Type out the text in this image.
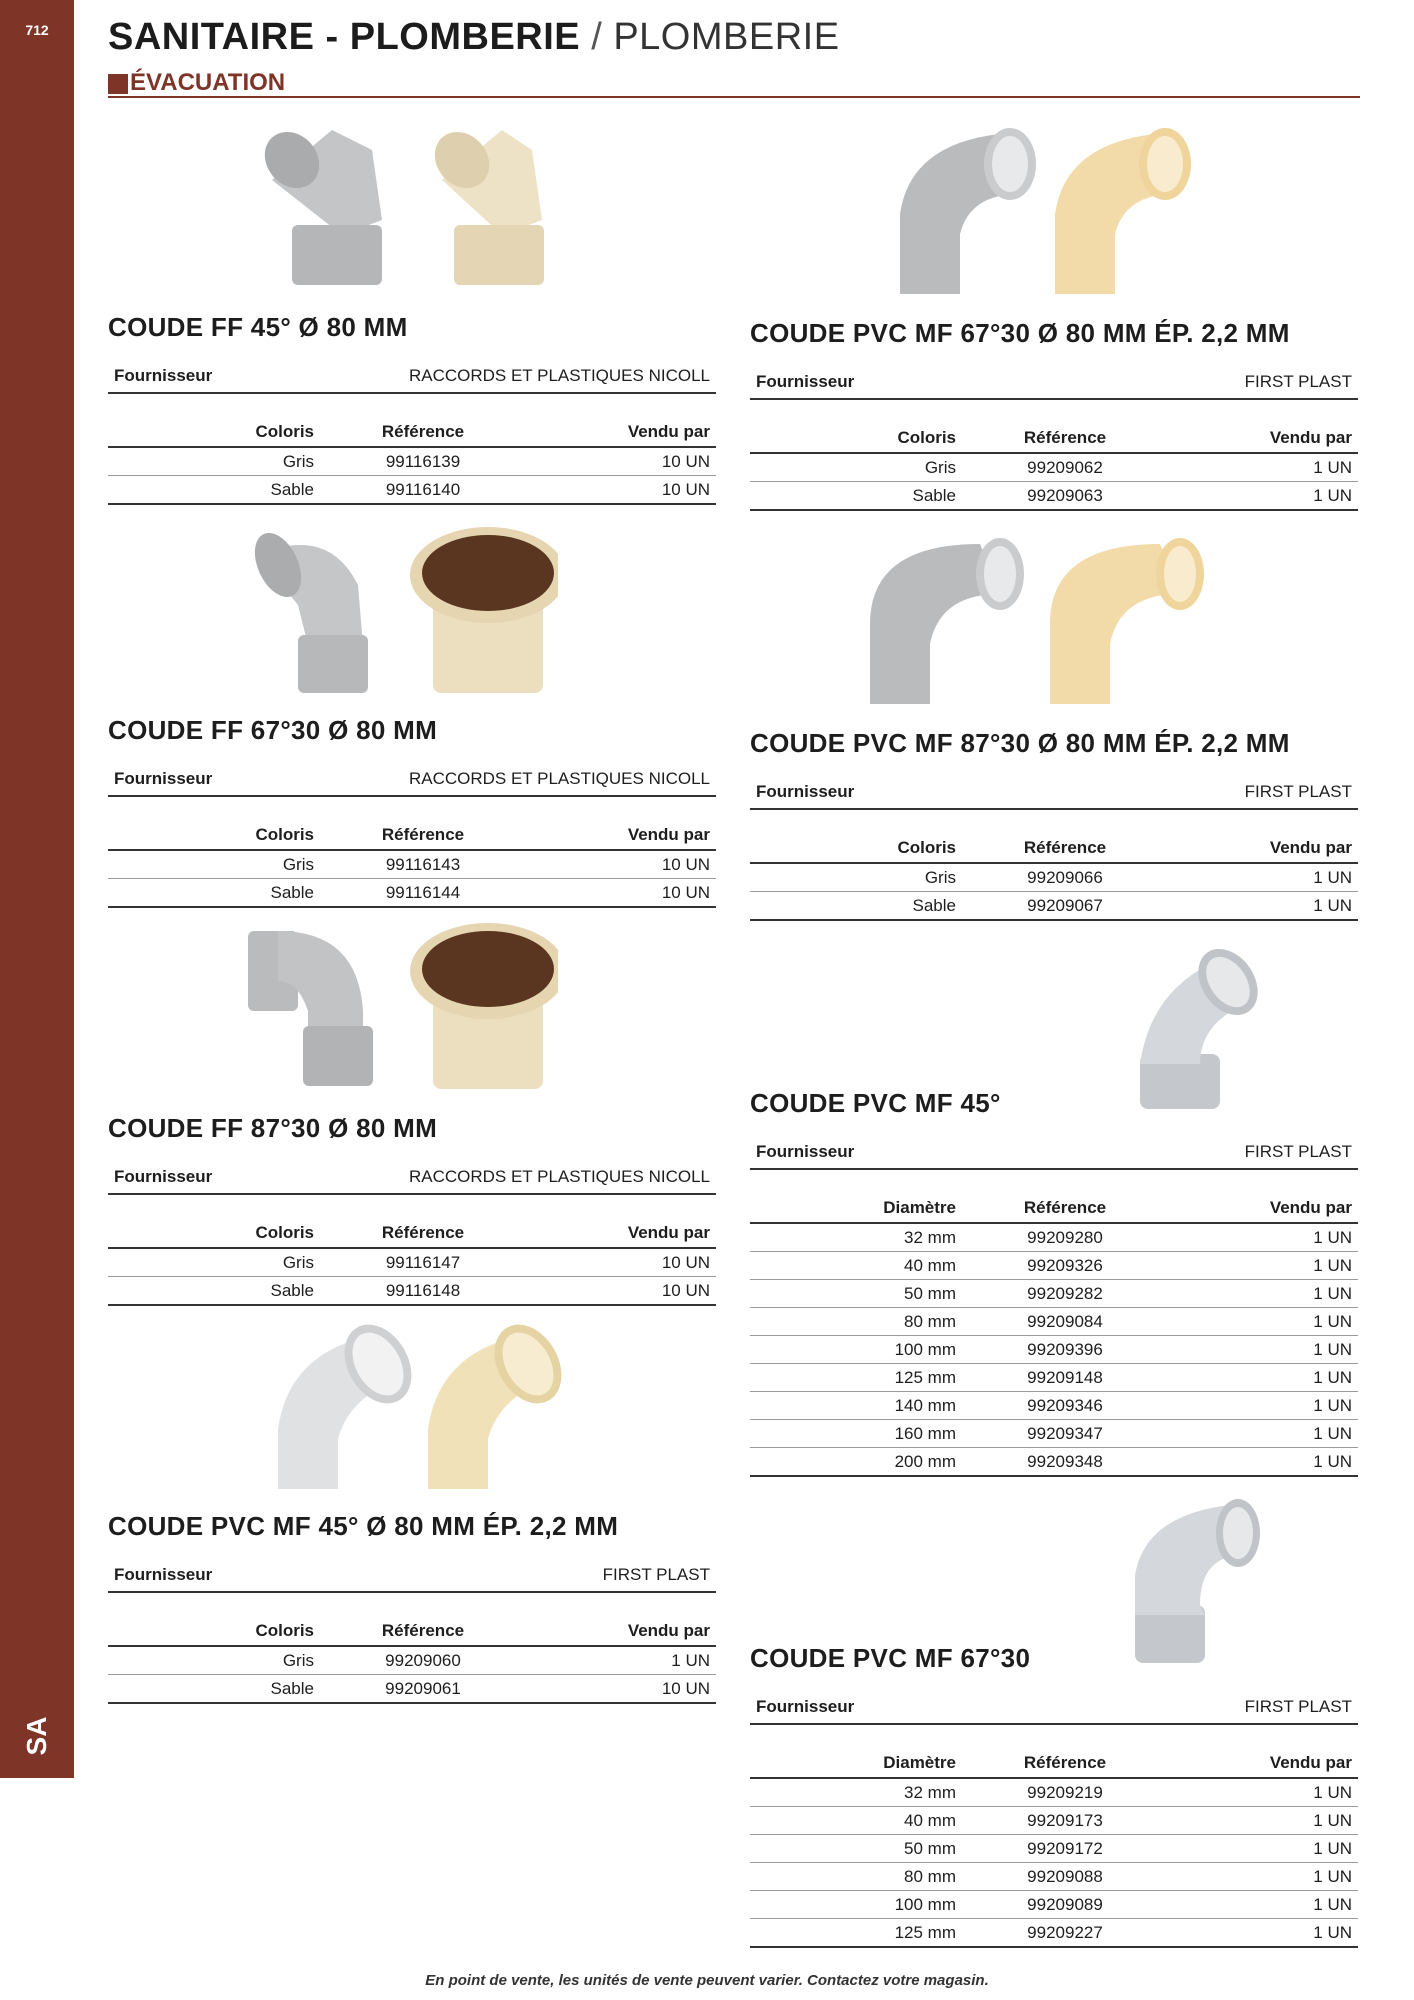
712
SA
SANITAIRE - PLOMBERIE / PLOMBERIE
ÉVACUATION
COUDE FF 45° Ø 80 MM
Fournisseur	RACCORDS ET PLASTIQUES NICOLL
Coloris	Référence	Vendu par
Gris	99116139	10 UN
Sable	99116140	10 UN
COUDE FF 67°30 Ø 80 MM
Fournisseur	RACCORDS ET PLASTIQUES NICOLL
Coloris	Référence	Vendu par
Gris	99116143	10 UN
Sable	99116144	10 UN
COUDE FF 87°30 Ø 80 MM
Fournisseur	RACCORDS ET PLASTIQUES NICOLL
Coloris	Référence	Vendu par
Gris	99116147	10 UN
Sable	99116148	10 UN
COUDE PVC MF 45° Ø 80 MM ÉP. 2,2 MM
Fournisseur	FIRST PLAST
Coloris	Référence	Vendu par
Gris	99209060	1 UN
Sable	99209061	10 UN
COUDE PVC MF 67°30 Ø 80 MM ÉP. 2,2 MM
Fournisseur	FIRST PLAST
Coloris	Référence	Vendu par
Gris	99209062	1 UN
Sable	99209063	1 UN
COUDE PVC MF 87°30 Ø 80 MM ÉP. 2,2 MM
Fournisseur	FIRST PLAST
Coloris	Référence	Vendu par
Gris	99209066	1 UN
Sable	99209067	1 UN
COUDE PVC MF 45°
Fournisseur	FIRST PLAST
Diamètre	Référence	Vendu par
32 mm	99209280	1 UN
40 mm	99209326	1 UN
50 mm	99209282	1 UN
80 mm	99209084	1 UN
100 mm	99209396	1 UN
125 mm	99209148	1 UN
140 mm	99209346	1 UN
160 mm	99209347	1 UN
200 mm	99209348	1 UN
COUDE PVC MF 67°30
Fournisseur	FIRST PLAST
Diamètre	Référence	Vendu par
32 mm	99209219	1 UN
40 mm	99209173	1 UN
50 mm	99209172	1 UN
80 mm	99209088	1 UN
100 mm	99209089	1 UN
125 mm	99209227	1 UN
En point de vente, les unités de vente peuvent varier. Contactez votre magasin.
